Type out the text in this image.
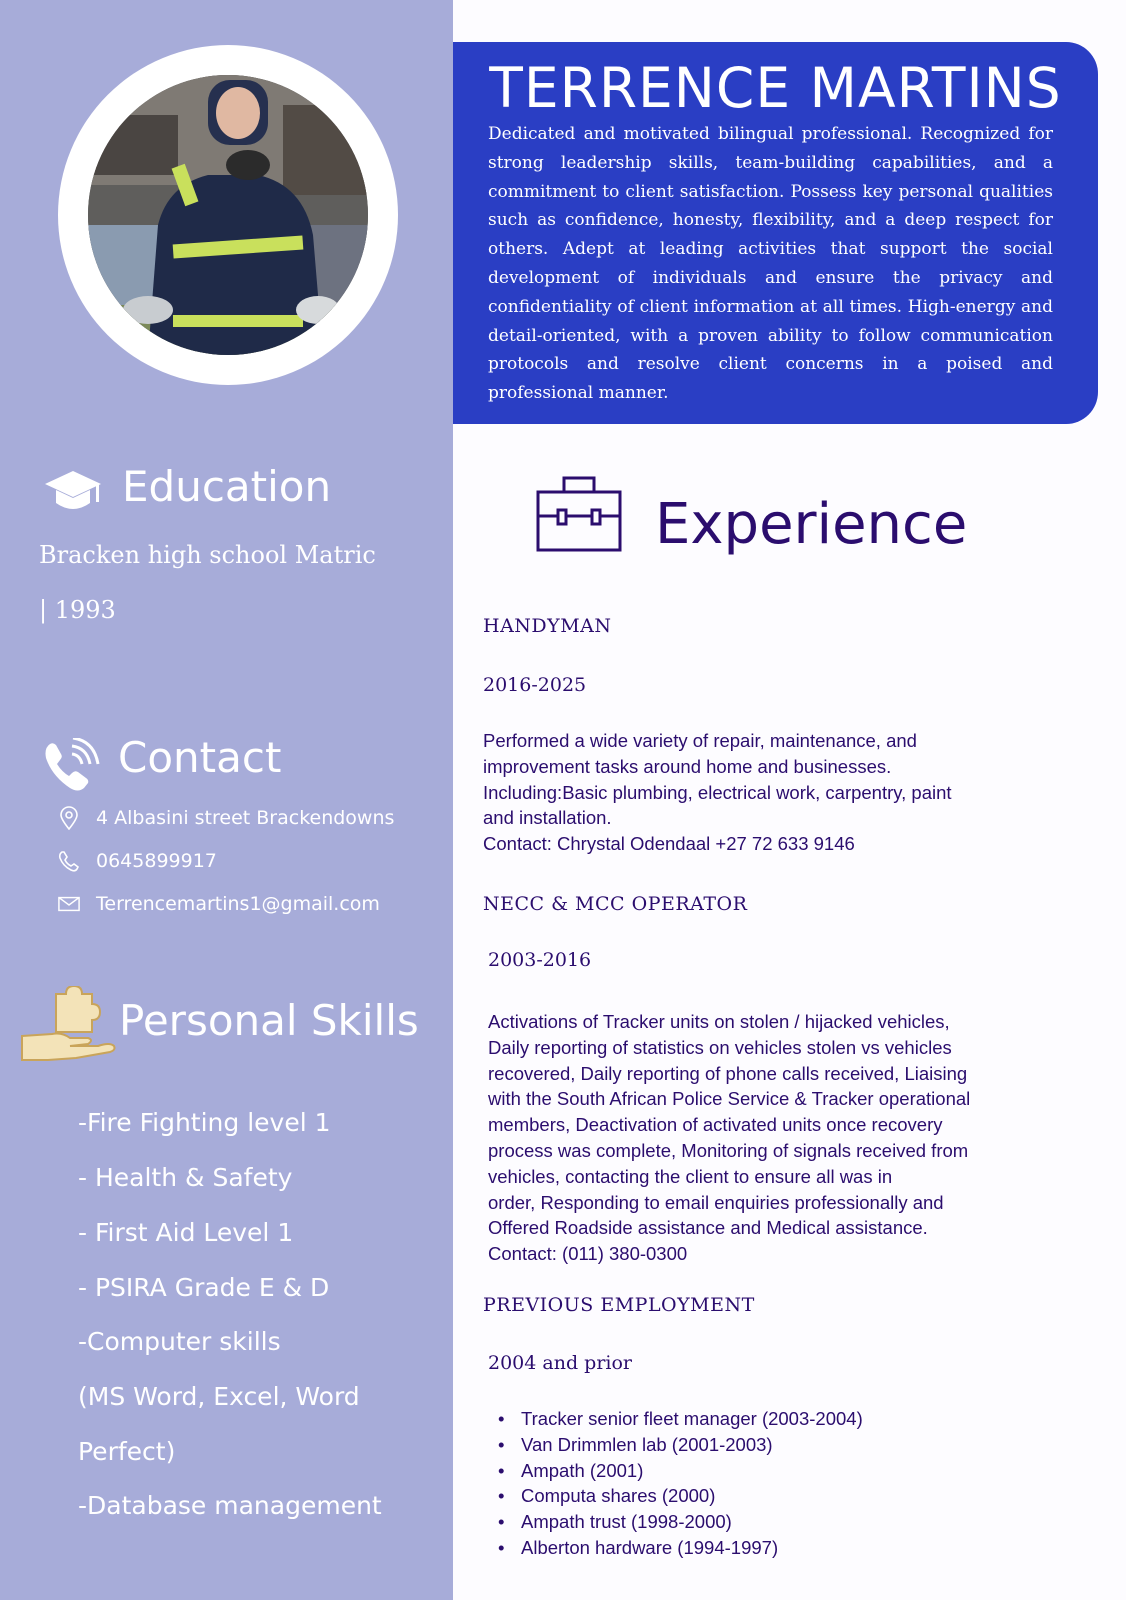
Education
Bracken high school Matric
| 1993
Contact
4 Albasini street Brackendowns
0645899917
Terrencemartins1@gmail.com
Personal Skills
-Fire Fighting level 1
- Health & Safety
- First Aid Level 1
- PSIRA Grade E & D
-Computer skills
(MS Word, Excel, Word
Perfect)
-Database management
TERRENCE MARTINS
Dedicated and motivated bilingual professional. Recognized for strong leadership skills, team-building capabilities, and a commitment to client satisfaction. Possess key personal qualities such as confidence, honesty, flexibility, and a deep respect for others. Adept at leading activities that support the social development of individuals and ensure the privacy and confidentiality of client information at all times. High-energy and detail-oriented, with a proven ability to follow communication protocols and resolve client concerns in a poised and professional manner.
Experience
HANDYMAN
2016-2025
Performed a wide variety of repair, maintenance, and
improvement tasks around home and businesses.
Including:Basic plumbing, electrical work, carpentry, paint
and installation.
Contact: Chrystal Odendaal +27 72 633 9146
NECC & MCC OPERATOR
2003-2016
Activations of Tracker units on stolen / hijacked vehicles,
Daily reporting of statistics on vehicles stolen vs vehicles
recovered, Daily reporting of phone calls received, Liaising
with the South African Police Service & Tracker operational
members, Deactivation of activated units once recovery
process was complete, Monitoring of signals received from
vehicles, contacting the client to ensure all was in
order, Responding to email enquiries professionally and
Offered Roadside assistance and Medical assistance.
Contact: (011) 380-0300
PREVIOUS EMPLOYMENT
2004 and prior
• Tracker senior fleet manager (2003-2004)
• Van Drimmlen lab (2001-2003)
• Ampath (2001)
• Computa shares (2000)
• Ampath trust (1998-2000)
• Alberton hardware (1994-1997)
